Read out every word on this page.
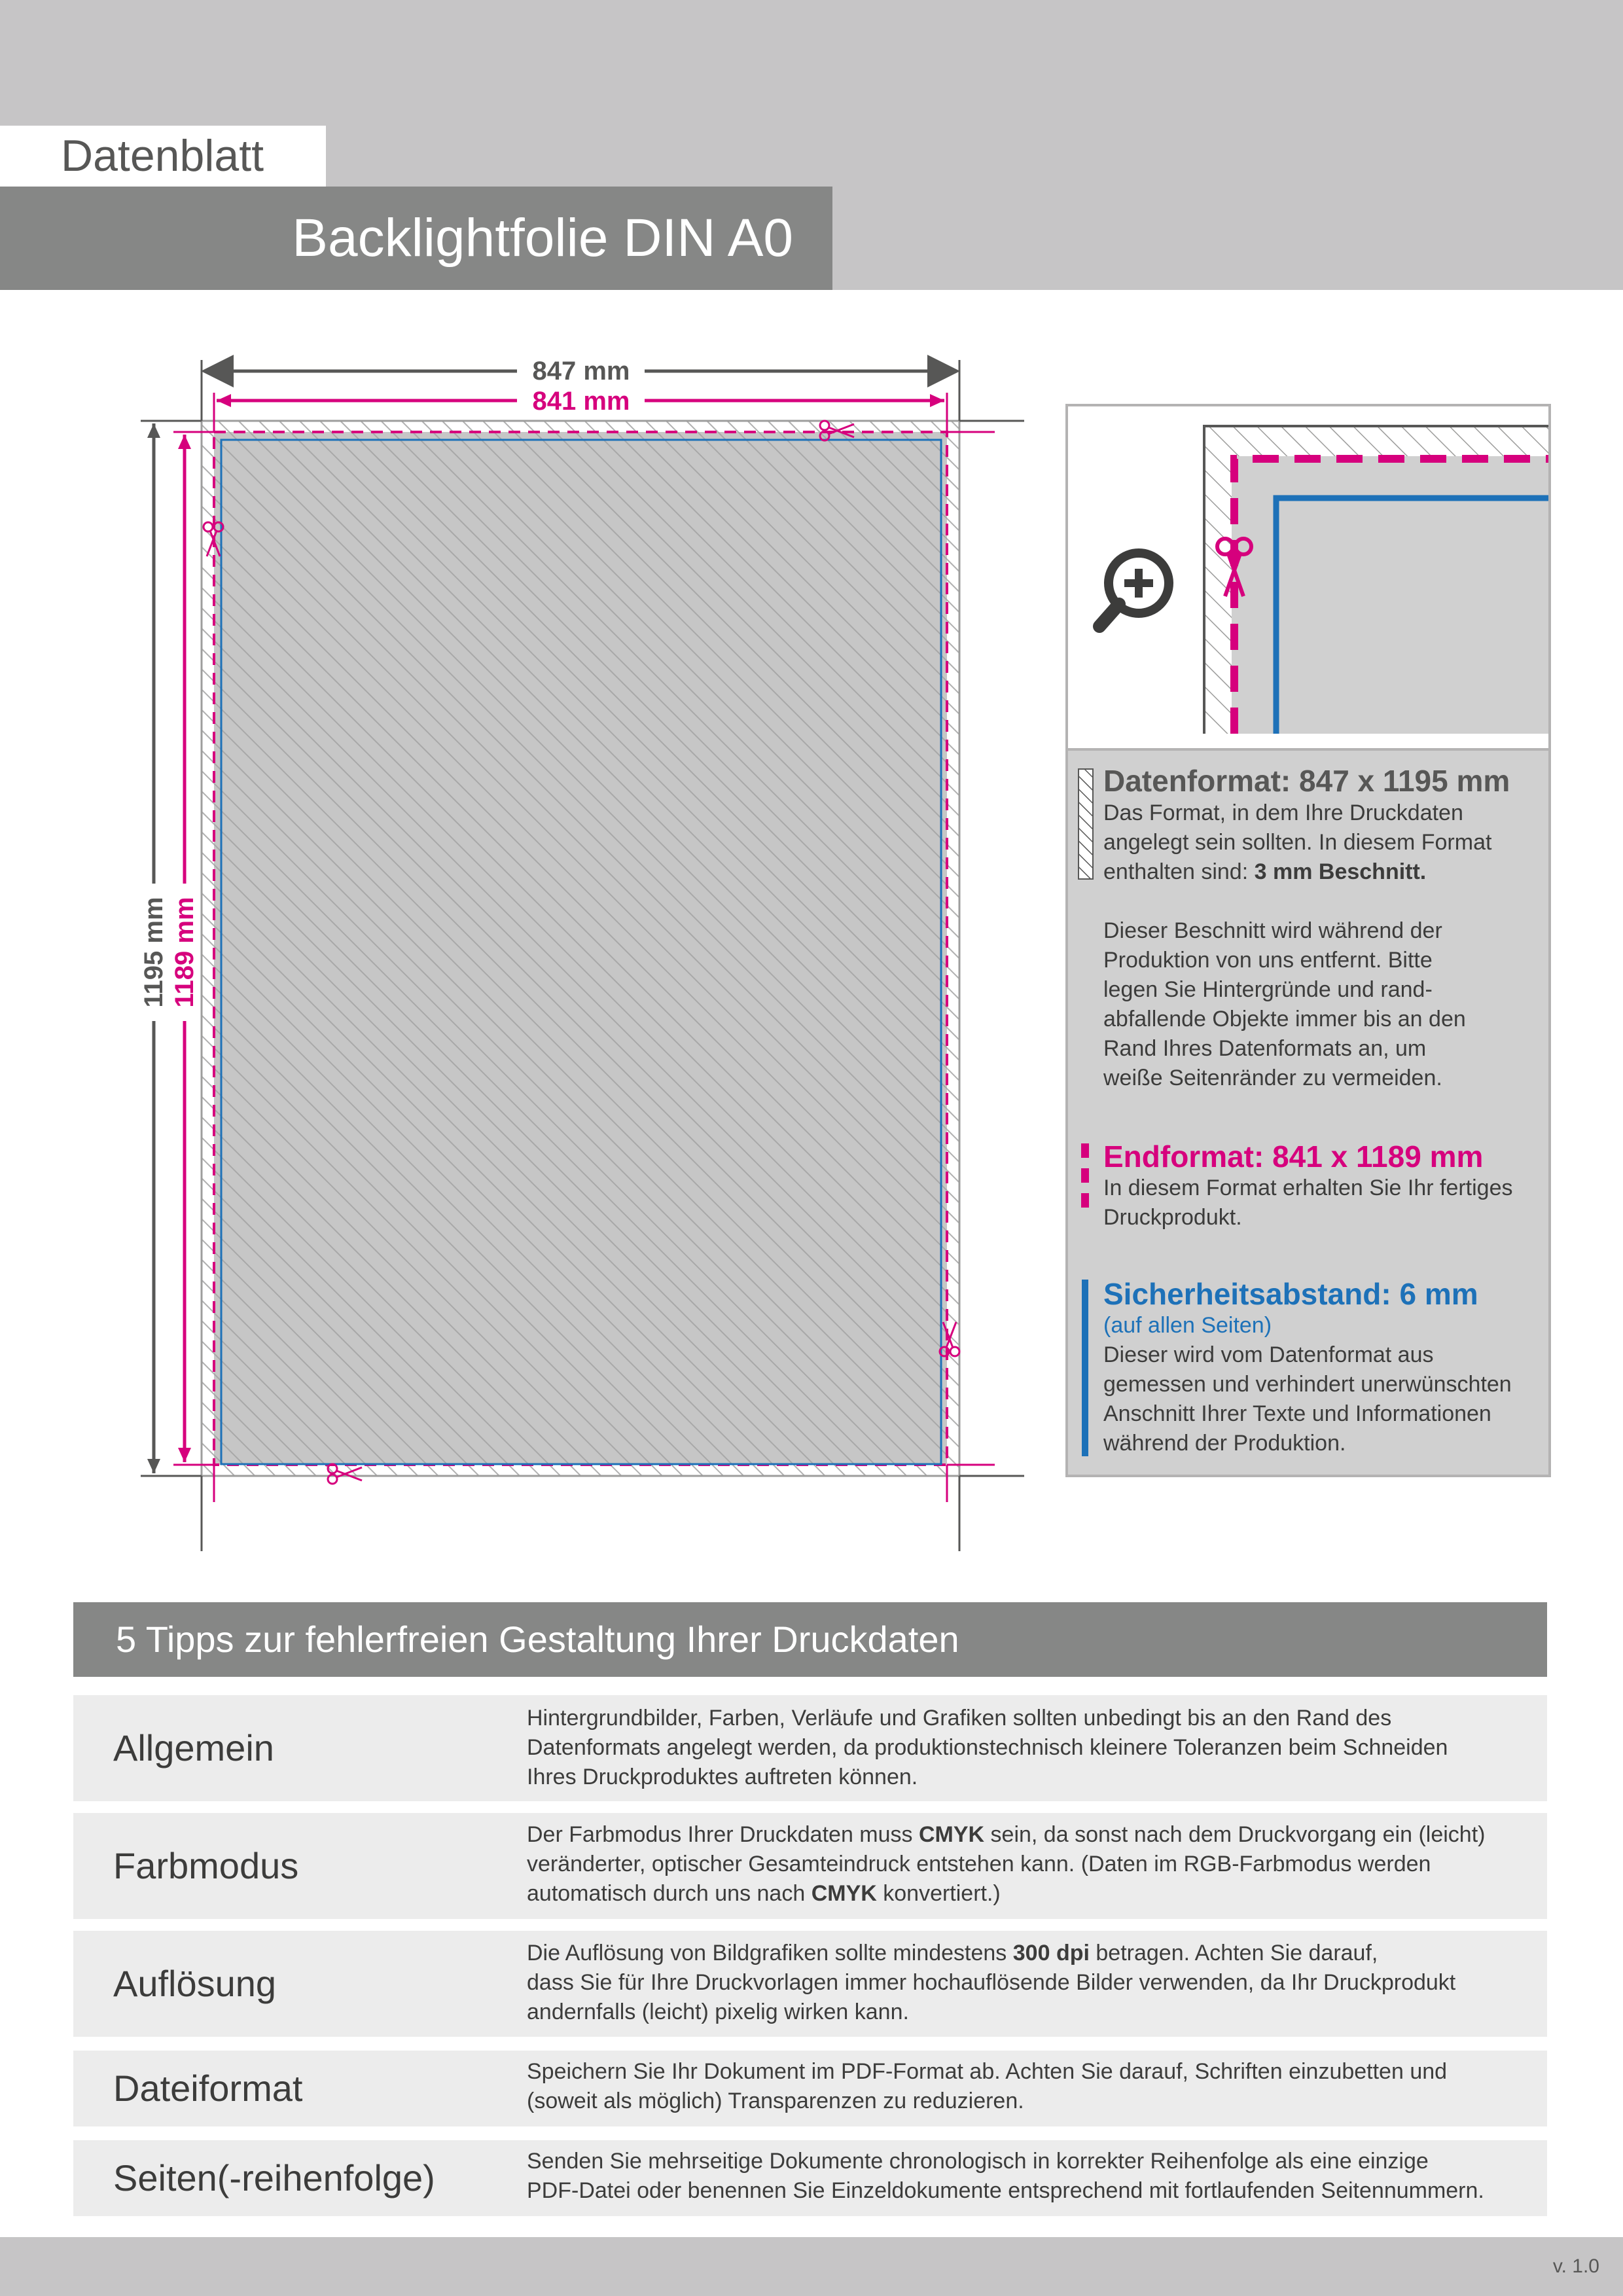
Datenblatt
Backlightfolie DIN A0
847 mm
841 mm
1195 mm 1189 mm
Datenformat: 847 x 1195 mm
Das Format, in dem Ihre Druckdaten
angelegt sein sollten. In diesem Format
enthalten sind: 3 mm Beschnitt.
Dieser Beschnitt wird während der
Produktion von uns entfernt. Bitte
legen Sie Hintergründe und rand-
abfallende Objekte immer bis an den
Rand Ihres Datenformats an, um
weiße Seitenränder zu vermeiden.
Endformat: 841 x 1189 mm
In diesem Format erhalten Sie Ihr fertiges
Druckprodukt.
Sicherheitsabstand: 6 mm
(auf allen Seiten)
Dieser wird vom Datenformat aus
gemessen und verhindert unerwünschten
Anschnitt Ihrer Texte und Informationen
während der Produktion.
5 Tipps zur fehlerfreien Gestaltung Ihrer Druckdaten
Allgemein
Hintergrundbilder, Farben, Verläufe und Grafiken sollten unbedingt bis an den Rand des
Datenformats angelegt werden, da produktionstechnisch kleinere Toleranzen beim Schneiden
Ihres Druckproduktes auftreten können.
Farbmodus
Der Farbmodus Ihrer Druckdaten muss CMYK sein, da sonst nach dem Druckvorgang ein (leicht)
veränderter, optischer Gesamteindruck entstehen kann. (Daten im RGB-Farbmodus werden
automatisch durch uns nach CMYK konvertiert.)
Auflösung
Die Auflösung von Bildgrafiken sollte mindestens 300 dpi betragen. Achten Sie darauf,
dass Sie für Ihre Druckvorlagen immer hochauflösende Bilder verwenden, da Ihr Druckprodukt
andernfalls (leicht) pixelig wirken kann.
Dateiformat	Speichern Sie Ihr Dokument im PDF-Format ab. Achten Sie darauf, Schriften einzubetten und
(soweit als möglich) Transparenzen zu reduzieren.
Seiten(-reihenfolge)	Senden Sie mehrseitige Dokumente chronologisch in korrekter Reihenfolge als eine einzige
PDF-Datei oder benennen Sie Einzeldokumente entsprechend mit fortlaufenden Seitennummern.
v. 1.0
